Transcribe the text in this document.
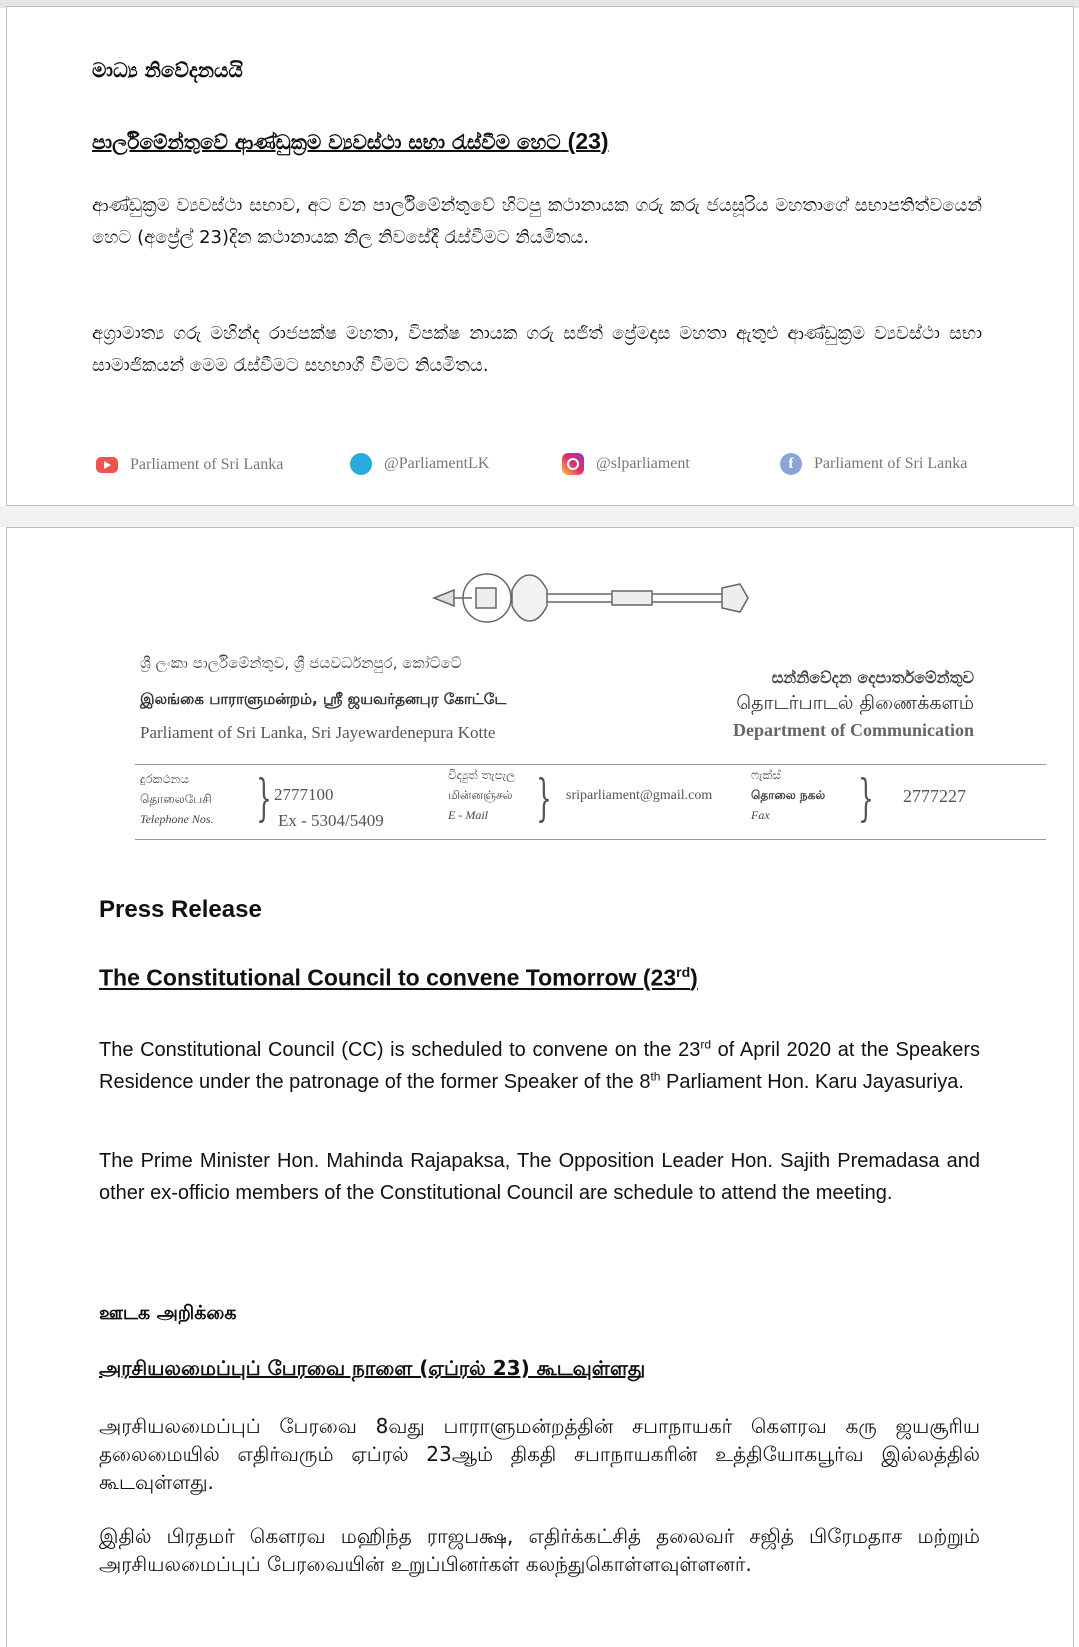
මාධ්‍ය නිවේදනයයි
පාර්ලිමේන්තුවේ ආණ්ඩුක්‍රම ව්‍යවස්ථා සභා රැස්වීම හෙට (23)
ආණ්ඩුක්‍රම ව්‍යවස්ථා සභාව, අට වන පාර්ලිමේන්තුවේ හිටපු කථානායක ගරු කරු ජයසූරිය මහතාගේ සභාපතිත්වයෙන් හෙට (අප්‍රේල් 23)දින කථානායක නිල නිවසේදී රැස්වීමට නියමිතය.
අග්‍රාමාත්‍ය ගරු මහින්ද රාජපක්ෂ මහතා, විපක්ෂ නායක ගරු සජිත් ප්‍රේමදාස මහතා ඇතුළු ආණ්ඩුක්‍රම ව්‍යවස්ථා සභා සාමාජිකයන් මෙම රැස්වීමට සහභාගී වීමට නියමිතය.
Parliament of Sri Lanka	@ParliamentLK	@slparliament	f	Parliament of Sri Lanka
ශ්‍රී ලංකා පාර්ලිමේන්තුව, ශ්‍රී ජයවර්ධනපුර, කෝට්ටේ
இலங்கை பாராளுமன்றம், ஸ்ரீ ஜயவர்தனபுர கோட்டே
Parliament of Sri Lanka, Sri Jayewardenepura Kotte
සන්නිවේදන දෙපාර්තමේන්තුව
தொடர்பாடல் திணைக்களம்
Department of Communication
දුරකථනය
தொலைபேசி
Telephone Nos. } 2777100
Ex - 5304/5409
විද්‍යුත් තැපැල
மின்னஞ்சல்
E - Mail } sriparliament@gmail.com
ෆැක්ස්
தொலை நகல்
Fax	} 2777227
Press Release
The Constitutional Council to convene Tomorrow (23rd)
The Constitutional Council (CC) is scheduled to convene on the 23rd of April 2020 at the Speakers Residence under the patronage of the former Speaker of the 8th Parliament Hon. Karu Jayasuriya.
The Prime Minister Hon. Mahinda Rajapaksa, The Opposition Leader Hon. Sajith Premadasa and other ex-officio members of the Constitutional Council are schedule to attend the meeting.
ஊடக அறிக்கை
அரசியலமைப்புப் பேரவை நாளை (ஏப்ரல் 23) கூடவுள்ளது
அரசியலமைப்புப் பேரவை 8வது பாராளுமன்றத்தின் சபாநாயகர் கௌரவ கரு ஜயசூரிய தலைமையில் எதிர்வரும் ஏப்ரல் 23ஆம் திகதி சபாநாயகரின் உத்தியோகபூர்வ இல்லத்தில் கூடவுள்ளது.
இதில் பிரதமர் கௌரவ மஹிந்த ராஜபக்ஷ, எதிர்க்கட்சித் தலைவர் சஜித் பிரேமதாச மற்றும் அரசியலமைப்புப் பேரவையின் உறுப்பினர்கள் கலந்துகொள்ளவுள்ளனர்.
